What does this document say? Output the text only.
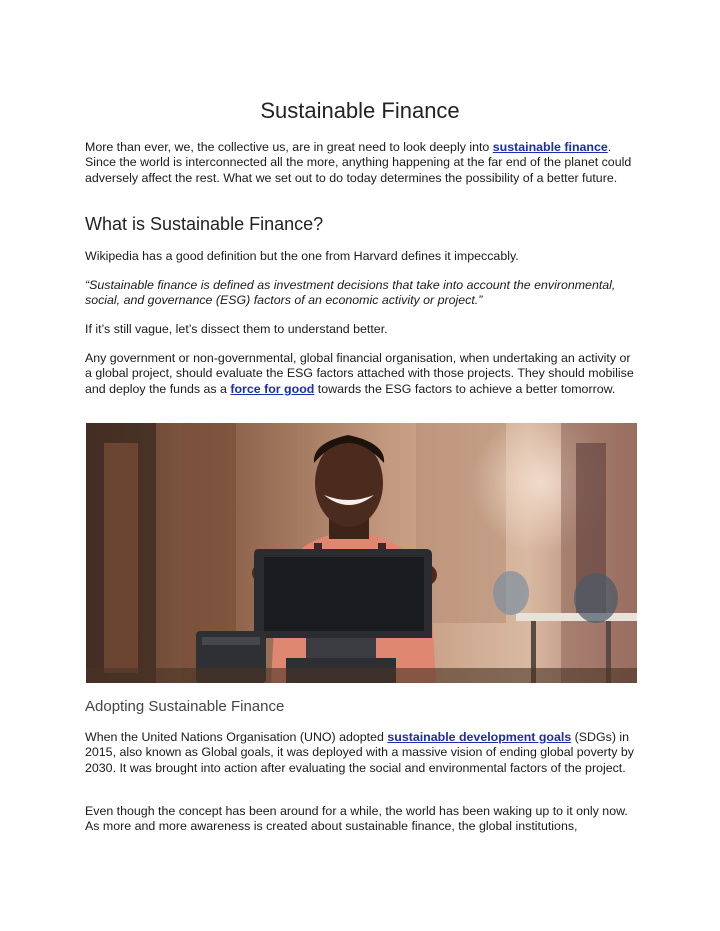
Sustainable Finance

More than ever, we, the collective us, are in great need to look deeply into sustainable finance. Since the world is interconnected all the more, anything happening at the far end of the planet could adversely affect the rest. What we set out to do today determines the possibility of a better future.

What is Sustainable Finance?

Wikipedia has a good definition but the one from Harvard defines it impeccably.

“Sustainable finance is defined as investment decisions that take into account the environmental, social, and governance (ESG) factors of an economic activity or project.”

If it’s still vague, let’s dissect them to understand better.

Any government or non-governmental, global financial organisation, when undertaking an activity or a global project, should evaluate the ESG factors attached with those projects. They should mobilise and deploy the funds as a force for good towards the ESG factors to achieve a better tomorrow.

Adopting Sustainable Finance

When the United Nations Organisation (UNO) adopted sustainable development goals (SDGs) in 2015, also known as Global goals, it was deployed with a massive vision of ending global poverty by 2030. It was brought into action after evaluating the social and environmental factors of the project.

Even though the concept has been around for a while, the world has been waking up to it only now. As more and more awareness is created about sustainable finance, the global institutions,
